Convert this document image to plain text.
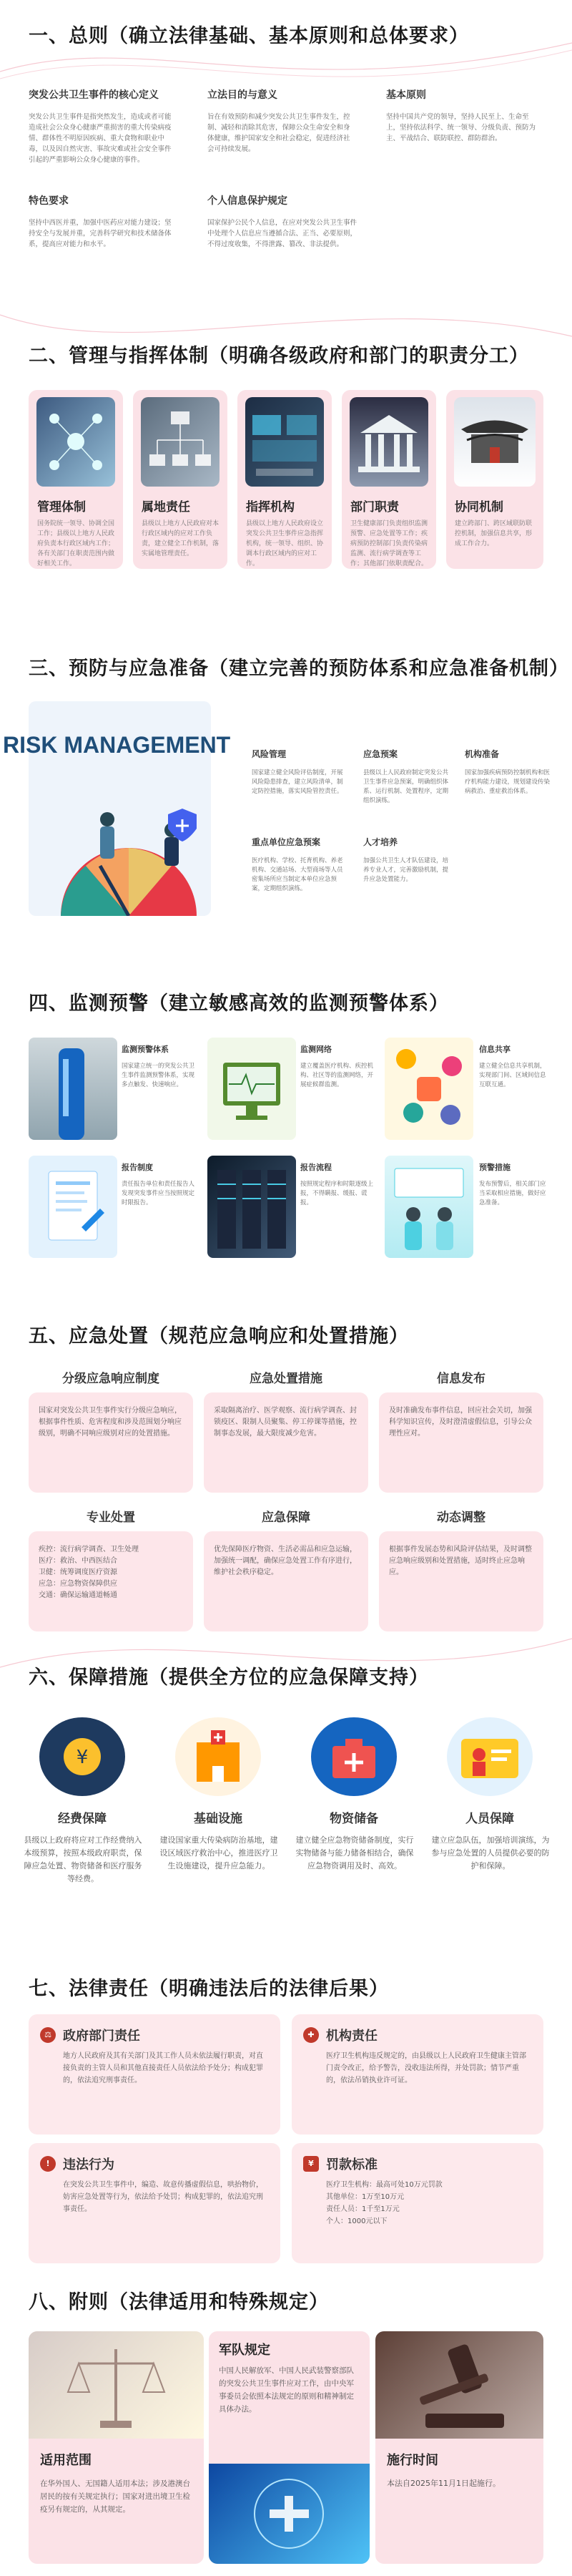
一、总则（确立法律基础、基本原则和总体要求）
突发公共卫生事件的核心定义
突发公共卫生事件是指突然发生，造成或者可能造成社会公众身心健康严重损害的重大传染病疫情、群体性不明原因疾病、重大食物和职业中毒，以及因自然灾害、事故灾难或社会安全事件引起的严重影响公众身心健康的事件。
立法目的与意义
旨在有效预防和减少突发公共卫生事件发生，控制、减轻和消除其危害，保障公众生命安全和身体健康，维护国家安全和社会稳定，促进经济社会可持续发展。
基本原则
坚持中国共产党的领导，坚持人民至上、生命至上，坚持依法科学、统一领导、分级负责、预防为主、平战结合、联防联控、群防群治。
特色要求
坚持中西医并重，加强中医药应对能力建设；坚持安全与发展并重，完善科学研究和技术储备体系，提高应对能力和水平。
个人信息保护规定
国家保护公民个人信息，在应对突发公共卫生事件中处理个人信息应当遵循合法、正当、必要原则，不得过度收集，不得泄露、篡改、非法提供。
二、管理与指挥体制（明确各级政府和部门的职责分工）
管理体制
国务院统一领导、协调全国工作；县级以上地方人民政府负责本行政区域内工作；各有关部门在职责范围内做好相关工作。
属地责任
县级以上地方人民政府对本行政区域内的应对工作负责，建立健全工作机制，落实属地管理责任。
指挥机构
县级以上地方人民政府设立突发公共卫生事件应急指挥机构，统一领导、组织、协调本行政区域内的应对工作。
部门职责
卫生健康部门负责组织监测预警、应急处置等工作；疾病预防控制部门负责传染病监测、流行病学调查等工作；其他部门依职责配合。
协同机制
建立跨部门、跨区域联防联控机制，加强信息共享，形成工作合力。
三、预防与应急准备（建立完善的预防体系和应急准备机制）
RISK MANAGEMENT 风险管理
国家建立健全风险评估制度，开展风险隐患排查，建立风险清单，制定防控措施，落实风险管控责任。
应急预案
县级以上人民政府制定突发公共卫生事件应急预案，明确组织体系、运行机制、处置程序，定期组织演练。
机构准备
国家加强疾病预防控制机构和医疗机构能力建设，规划建设传染病救治、重症救治体系。
重点单位应急预案
医疗机构、学校、托育机构、养老机构、交通站场、大型商场等人员密集场所应当制定本单位应急预案，定期组织演练。
人才培养
加强公共卫生人才队伍建设，培养专业人才，完善激励机制，提升应急处置能力。
四、监测预警（建立敏感高效的监测预警体系）
监测预警体系
国家建立统一的突发公共卫生事件监测预警体系，实现多点触发、快速响应。
监测网络
建立覆盖医疗机构、疾控机构、社区等的监测网络，开展症候群监测。
信息共享
建立健全信息共享机制，实现部门间、区域间信息互联互通。
报告制度
责任报告单位和责任报告人发现突发事件应当按照规定时限报告。
报告流程
按照规定程序和时限逐级上报，不得瞒报、缓报、谎报。
预警措施
发布预警后，相关部门应当采取相应措施，做好应急准备。
五、应急处置（规范应急响应和处置措施）
分级应急响应制度
国家对突发公共卫生事件实行分级应急响应，根据事件性质、危害程度和涉及范围划分响应级别，明确不同响应级别对应的处置措施。
应急处置措施
采取隔离治疗、医学观察、流行病学调查、封锁疫区、限制人员聚集、停工停课等措施，控制事态发展，最大限度减少危害。
信息发布
及时准确发布事件信息，回应社会关切，加强科学知识宣传，及时澄清虚假信息，引导公众理性应对。
专业处置
疾控：流行病学调查、卫生处理
医疗：救治、中西医结合
卫健：统筹调度医疗资源
应急：应急物资保障供应
交通：确保运输通道畅通
应急保障
优先保障医疗物资、生活必需品和应急运输，加强统一调配，确保应急处置工作有序进行，维护社会秩序稳定。
动态调整
根据事件发展态势和风险评估结果，及时调整应急响应级别和处置措施，适时终止应急响应。
六、保障措施（提供全方位的应急保障支持）
¥
经费保障
县级以上政府将应对工作经费纳入本级预算，按照本级政府职责，保障应急处置、物资储备和医疗服务等经费。
基础设施
建设国家重大传染病防治基地，建设区域医疗救治中心，推进医疗卫生设施建设，提升应急能力。
物资储备
建立健全应急物资储备制度，实行实物储备与能力储备相结合，确保应急物资调用及时、高效。
人员保障
建立应急队伍，加强培训演练，为参与应急处置的人员提供必要的防护和保障。
七、法律责任（明确违法后的法律后果）
⚖ 政府部门责任
地方人民政府及其有关部门及其工作人员未依法履行职责，对直接负责的主管人员和其他直接责任人员依法给予处分；构成犯罪的，依法追究刑事责任。
✚ 机构责任
医疗卫生机构违反规定的，由县级以上人民政府卫生健康主管部门责令改正，给予警告，没收违法所得，并处罚款；情节严重的，依法吊销执业许可证。
!	违法行为
在突发公共卫生事件中，编造、故意传播虚假信息，哄抬物价，妨害应急处置等行为，依法给予处罚；构成犯罪的，依法追究刑事责任。
¥ 罚款标准
医疗卫生机构：最高可处10万元罚款
其他单位：1万至10万元
责任人员：1千至1万元
个人：1000元以下
八、附则（法律适用和特殊规定）
适用范围
在华外国人、无国籍人适用本法；涉及港澳台居民的按有关规定执行；国家对进出境卫生检疫另有规定的，从其规定。
军队规定
中国人民解放军、中国人民武装警察部队的突发公共卫生事件应对工作，由中央军事委员会依照本法规定的原则和精神制定具体办法。
施行时间
本法自2025年11月1日起施行。
